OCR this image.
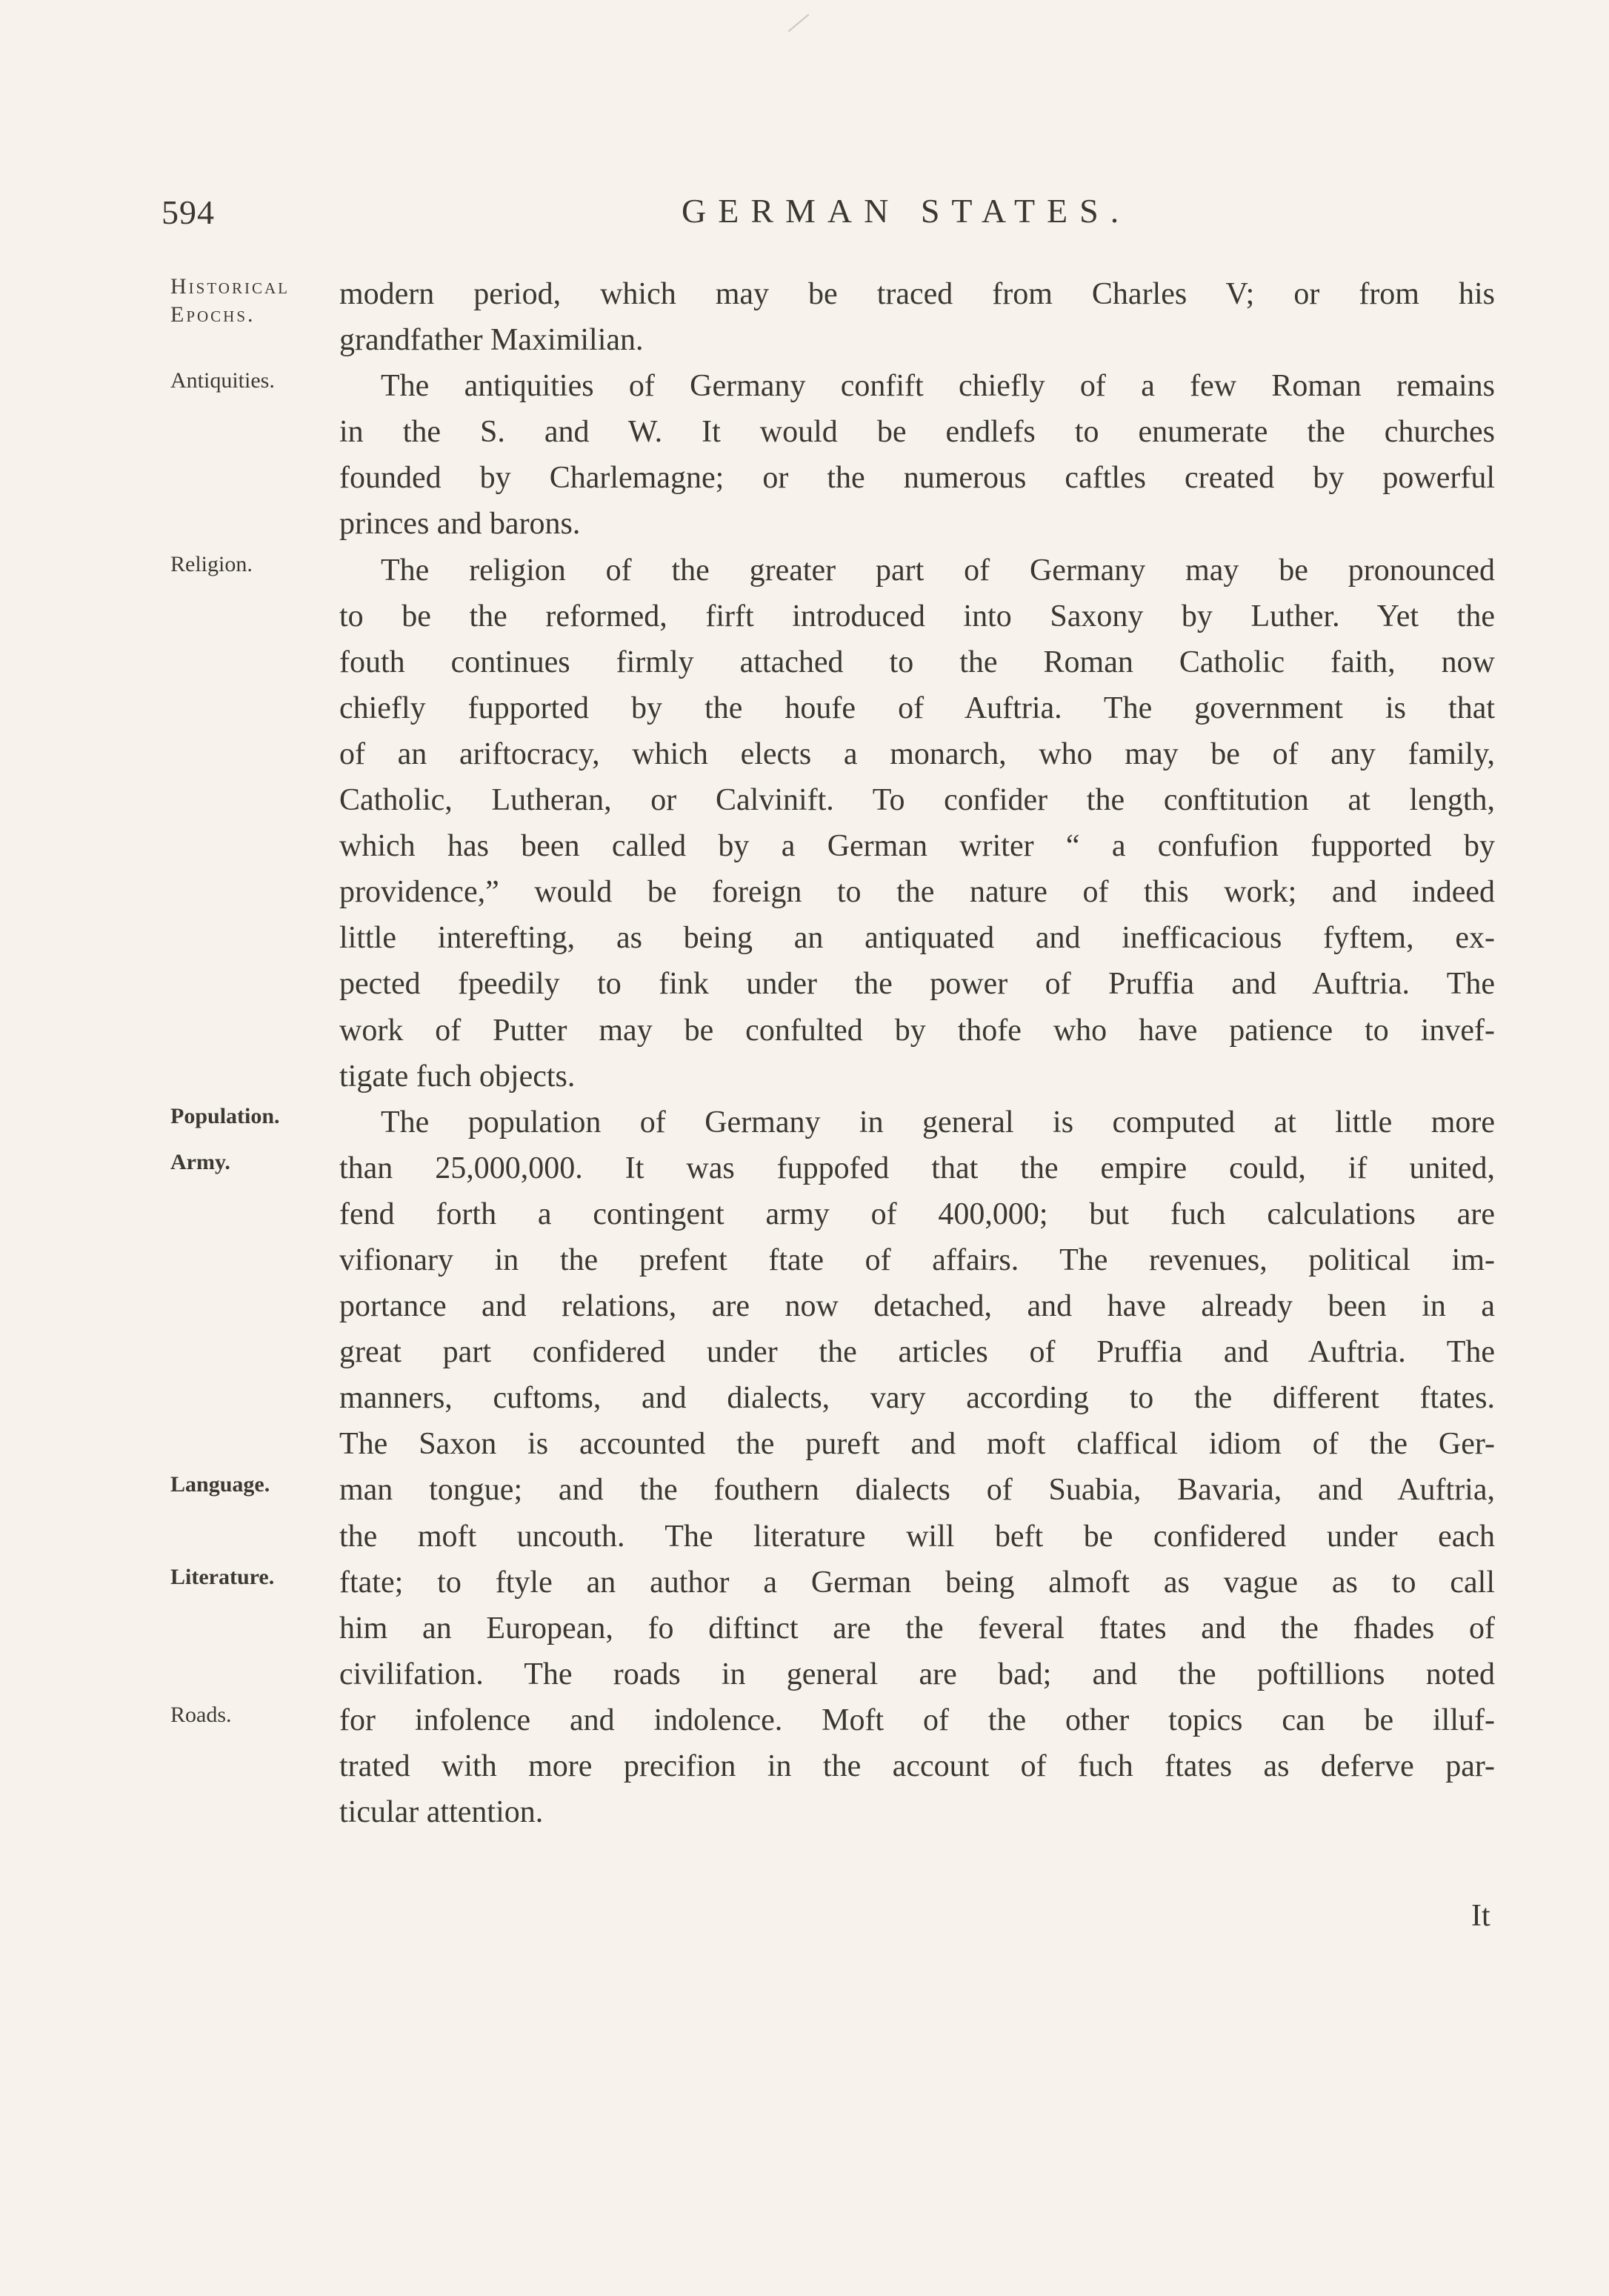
594	GERMAN STATES.
Historical Epochs.
Antiquities.
Religion.
Population.
Army.
Language.
Literature.
Roads.
modern period, which may be traced from Charles V; or from his
grandfather Maximilian.
The antiquities of Germany confift chiefly of a few Roman remains
in the S. and W. It would be endlefs to enumerate the churches
founded by Charlemagne; or the numerous caftles created by powerful
princes and barons.
The religion of the greater part of Germany may be pronounced
to be the reformed, firft introduced into Saxony by Luther. Yet the
fouth continues firmly attached to the Roman Catholic faith, now
chiefly fupported by the houfe of Auftria. The government is that
of an ariftocracy, which elects a monarch, who may be of any family,
Catholic, Lutheran, or Calvinift. To confider the conftitution at length,
which has been called by a German writer “ a confufion fupported by
providence,” would be foreign to the nature of this work; and indeed
little interefting, as being an antiquated and inefficacious fyftem, ex-
pected fpeedily to fink under the power of Pruffia and Auftria. The
work of Putter may be confulted by thofe who have patience to invef-
tigate fuch objects.
The population of Germany in general is computed at little more
than 25,000,000. It was fuppofed that the empire could, if united,
fend forth a contingent army of 400,000; but fuch calculations are
vifionary in the prefent ftate of affairs. The revenues, political im-
portance and relations, are now detached, and have already been in a
great part confidered under the articles of Pruffia and Auftria. The
manners, cuftoms, and dialects, vary according to the different ftates.
The Saxon is accounted the pureft and moft claffical idiom of the Ger-
man tongue; and the fouthern dialects of Suabia, Bavaria, and Auftria,
the moft uncouth. The literature will beft be confidered under each
ftate; to ftyle an author a German being almoft as vague as to call
him an European, fo diftinct are the feveral ftates and the fhades of
civilifation. The roads in general are bad; and the poftillions noted
for infolence and indolence. Moft of the other topics can be illuf-
trated with more precifion in the account of fuch ftates as deferve par-
ticular attention.
It
